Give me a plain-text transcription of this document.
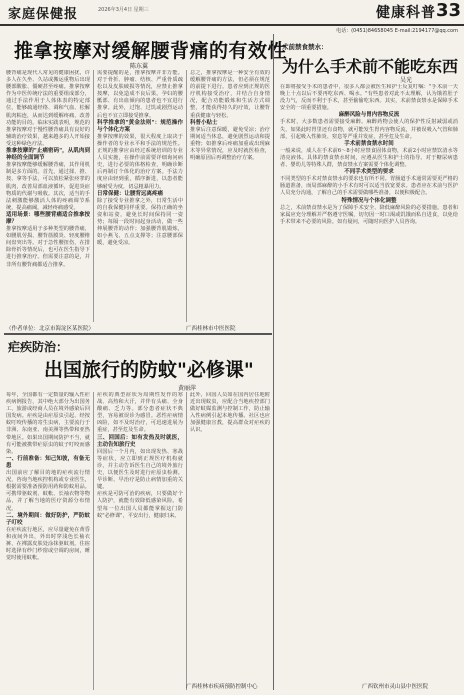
家庭保健报	2026年3月4日 星期三	健康科普 33
电话：(0451)84658045 E-mail:2194177@qq.com
推拿按摩对缓解腰背痛的有效性
陈东翼
腰背痛是现代人常见的健康困扰，许多人在久坐、久站或搬运重物后出现腰部酸胀、僵硬甚至疼痛。推拿按摩作为中医传统疗法的重要组成部分，通过手法作用于人体体表的特定部位，能够疏通经络、调和气血、松解肌肉粘连，从而达到缓解疼痛、改善功能的目的。临床实践表明，规范的推拿按摩对于慢性腰背痛具有良好的辅助治疗效果，越来越多的人开始接受这种绿色疗法。
推拿按摩的"止痛密码"，从肌肉到神经的全面调节
推拿按摩能够缓解腰背痛，其作用机制是多方面的。首先，通过揉、推、按、拿等手法，可以放松紧张痉挛的肌肉，改善局部血液循环，促进炎症物质的代谢与吸收。其次，适当的手法刺激能够激活人体的疼痛调节系统，提高痛阈，减轻疼痛感受。
适用场景：哪些腰背痛适合推拿按摩？
推拿按摩适用于多种类型的腰背痛，如腰肌劳损、腰背筋膜炎、轻度腰椎间盘突出等。对于急性腰扭伤，在排除骨折等情况后，也可在医生指导下进行推拿治疗。但需要注意的是，并非所有腰背痛都适合推拿。
需要提醒的是，推拿按摩并非万能。对于骨折、肿瘤、结核、严重骨质疏松以及皮肤破损等情况，应禁止推拿按摩，以免造成不良后果。孕妇的腰骶部、有出血倾向的患者也不宜进行推拿。此外，过饱、过饥或剧烈运动后也不宜立即接受推拿。
科学推拿的"黄金法则"：规范操作与个体化方案
推拿按摩的效果，很大程度上取决于操作者的专业水平和手法的规范性。正规的推拿应由经过系统培训的专业人员实施，在操作前需要详细询问病史，进行必要的体格检查，明确诊断后再制订个体化的治疗方案。手法力度应由轻到重，循序渐进，以患者能够耐受为度，切忌粗暴用力。
日常保健：让腰背远离疼痛
除了接受专业推拿之外，日常生活中的自我保健同样重要。保持正确的坐姿和站姿，避免长时间保持同一姿势；每隔一段时间起身活动，做一些伸展腰背的动作；加强腰背肌锻炼，如小燕飞、五点支撑等；注意腰部保暖，避免受凉。
总之，推拿按摩是一种安全有效的缓解腰背痛的方法，但必须在规范的前提下进行。患者应到正规的医疗机构接受治疗，并结合自身情况，配合功能锻炼和生活方式调整，才能获得持久的疗效，让腰背重获健康与轻松。
科普小贴士
推拿后注意保暖，避免受凉；治疗期间适当休息，避免剧烈运动和提重物；如推拿后疼痛加重或出现麻木等异常情况，应及时就医检查，明确原因后再调整治疗方案。
（作者单位：北京市海淀区某医院）	广西桂林市中医医院
疟疾防治：
出国旅行的防蚊"必修课"
黄丽萍
每年，全国都有一定数量的输入性疟疾病例报告，其中绝大部分为出国务工、旅游或经商人员在境外感染后回国发病。疟疾是由疟原虫引起、经按蚊叮咬传播的寄生虫病，主要流行于非洲、东南亚、南美洲等热带和亚热带地区。如果出国期间防护不当，就有可能被携带疟原虫的蚊子叮咬而感染。
一、行前准备：知己知彼，有备无患
出国前应了解目的地的疟疾流行情况，咨询当地疾控机构或专业医生，根据需要准备预防用药和防蚊用品。可携带驱蚊剂、蚊帐、长袖衣物等物品，并了解当地的医疗资源分布情况。
二、境外期间：做好防护，严防蚊子叮咬
在疟疾流行地区，应尽量避免在黄昏和夜间外出，外出时穿浅色长袖衣裤，在裸露皮肤处涂抹驱蚊剂。住宿时选择有纱门纱窗或空调的房间，睡觉时使用蚊帐。
疟疾的典型症状为周期性发作的寒战、高热和大汗，并伴有头痛、全身酸痛、乏力等。部分患者症状不典型，容易被误诊为感冒。恶性疟病情凶险，如不及时治疗，可迅速进展为重症，甚至危及生命。
三、回国后：如有发热及时就医，主动告知旅行史
回国后一个月内，如出现发热、寒战等症状，应立即到正规医疗机构就诊，并主动告诉医生自己的境外旅行史，以便医生及时进行疟原虫检测。早诊断、早治疗是防止病情加重的关键。
疟疾是可防可治的疾病，只要做好个人防护，就能有效降低感染风险。希望每一位出国人员都能掌握这门防蚊"必修课"，平安出行，健康归来。
此外，回国人员如在国内居住地附近出现蚊虫，应配合当地疾控部门做好蚊媒监测与控制工作，防止输入性病例引起本地传播。社区也应加强健康宣教，提高群众对疟疾的认识。
广西桂林市疾病预防控制中心
术前禁食禁水：
为什么手术前不能吃东西
吴光
在即将接受手术的患者中，很多人都会被医生和护士反复叮嘱："手术前一天晚上十点以后不要再吃东西、喝水。"有些患者对此不太理解，认为饿着肚子没力气，反而不利于手术，甚至偷偷吃东西。其实，术前禁食禁水是保障手术安全的一项重要措施。
麻醉风险与胃内容物反流
手术时，大多数患者需要接受麻醉。麻醉药物会使人的保护性反射减弱或消失，如果此时胃里还有食物，就可能发生胃内容物反流，并被误吸入气管和肺部，引起吸入性肺炎、窒息等严重并发症，甚至危及生命。
手术前禁食禁水时间
一般来说，成人在手术前6～8小时应禁食固体食物，术前2小时应禁饮清水等清亮液体。具体的禁食禁水时间，应遵从医生和护士的指导。对于糖尿病患者、婴幼儿等特殊人群，禁食禁水方案需要个体化调整。
不同手术类型的要求
不同类型的手术对禁食禁水的要求也有所不同。胃肠道手术通常需要更严格的肠道准备，而局部麻醉的小手术有时可以适当放宽要求。患者应在术前与医护人员充分沟通，了解自己的手术需要做哪些准备，以便积极配合。
特殊情况与个体化调整
总之，术前禁食禁水是为了保障手术安全、降低麻醉风险的必要措施。患者和家属应充分理解并严格遵守医嘱，切勿因一时口渴或饥饿而私自进食，以免给手术带来不必要的风险。如有疑问，可随时向医护人员咨询。
广西钦州市灵山县中医医院
